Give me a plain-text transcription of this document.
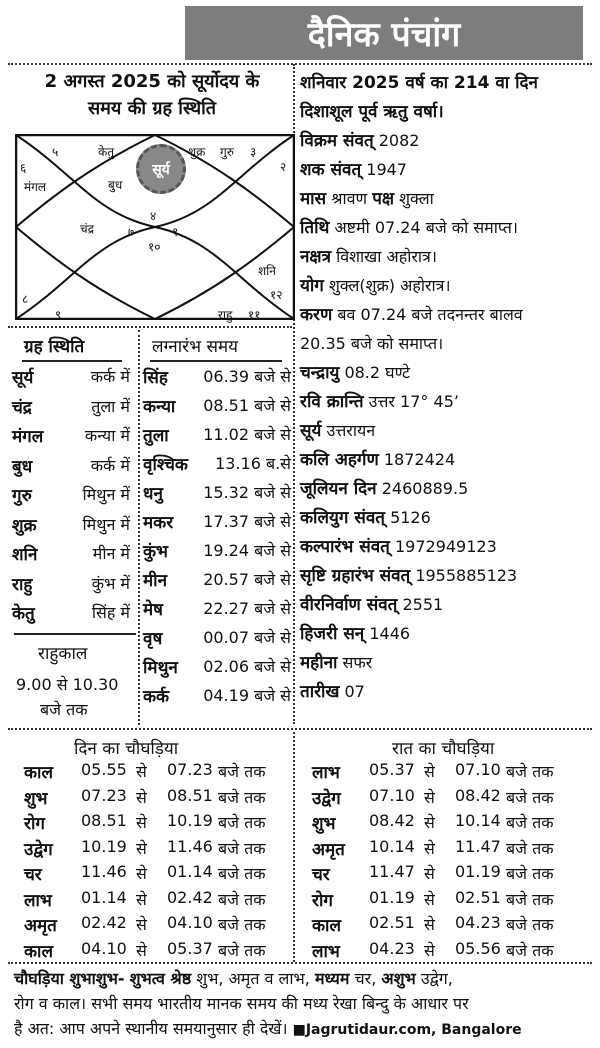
दैनिक पंचांग
2 अगस्त 2025 को सूर्योदय के
समय की ग्रह स्थिति
सूर्य
६
मंगल
५	केतु
बुध
शुक्र गुरु ३
२
चंद्र	७
४
१
१०
शनि
८	१२
९	राहु ११
ग्रह स्थिति	लग्नारंभ समय
राहुकाल
9.00 से 10.30
बजे तक
शनिवार 2025 वर्ष का 214 वा दिन
दिशाशूल पूर्व ऋतु वर्षा।
विक्रम संवत् 2082
शक संवत् 1947
मास श्रावण पक्ष शुक्ला
तिथि अष्टमी 07.24 बजे को समाप्त।
नक्षत्र विशाखा अहोरात्र।
योग शुक्ल(शुक्र) अहोरात्र।
करण बव 07.24 बजे तदनन्तर बालव
20.35 बजे को समाप्त।
चन्द्रायु 08.2 घण्टे
रवि क्रान्ति उत्तर 17° 45’
सूर्य उत्तरायन
कलि अहर्गण 1872424
जूलियन दिन 2460889.5
कलियुग संवत् 5126
कल्पारंभ संवत् 1972949123
सृष्टि ग्रहारंभ संवत् 1955885123
वीरनिर्वाण संवत् 2551
हिजरी सन् 1446
महीना सफर
तारीख 07
दिन का चौघड़िया	रात का चौघड़िया
चौघड़िया शुभाशुभ- शुभत्व श्रेष्ठ शुभ, अमृत व लाभ, मध्यम चर, अशुभ उद्वेग,
रोग व काल। सभी समय भारतीय मानक समय की मध्य रेखा बिन्दु के आधार पर
है अत: आप अपने स्थानीय समयानुसार ही देखें। ■Jagrutidaur.com, Bangalore
सूर्य	कर्क में
चंद्र	तुला में
मंगल	कन्या में
बुध	कर्क में
गुरु	मिथुन में
शुक्र	मिथुन में
शनि	मीन में
राहु	कुंभ में
केतु	सिंह में
सिंह 06.39 बजे से
कन्या 08.51 बजे से
तुला 11.02 बजे से
वृश्चिक 13.16 ब.से
धनु	15.32 बजे से
मकर 17.37 बजे से
कुंभ 19.24 बजे से
मीन 20.57 बजे से
मेष	22.27 बजे से
वृष	00.07 बजे से
मिथुन 02.06 बजे से
कर्क 04.19 बजे से
काल 05.55 से 07.23 बजे तक
शुभ 07.23 से 08.51 बजे तक
रोग 08.51 से 10.19 बजे तक
उद्वेग 10.19 से 11.46 बजे तक
चर 11.46 से 01.14 बजे तक
लाभ 01.14 से 02.42 बजे तक
अमृत 02.42 से 04.10 बजे तक
काल 04.10 से 05.37 बजे तक
लाभ 05.37 से 07.10 बजे तक
उद्वेग 07.10 से 08.42 बजे तक
शुभ 08.42 से 10.14 बजे तक
अमृत 10.14 से 11.47 बजे तक
चर 11.47 से 01.19 बजे तक
रोग 01.19 से 02.51 बजे तक
काल 02.51 से 04.23 बजे तक
लाभ 04.23 से 05.56 बजे तक
